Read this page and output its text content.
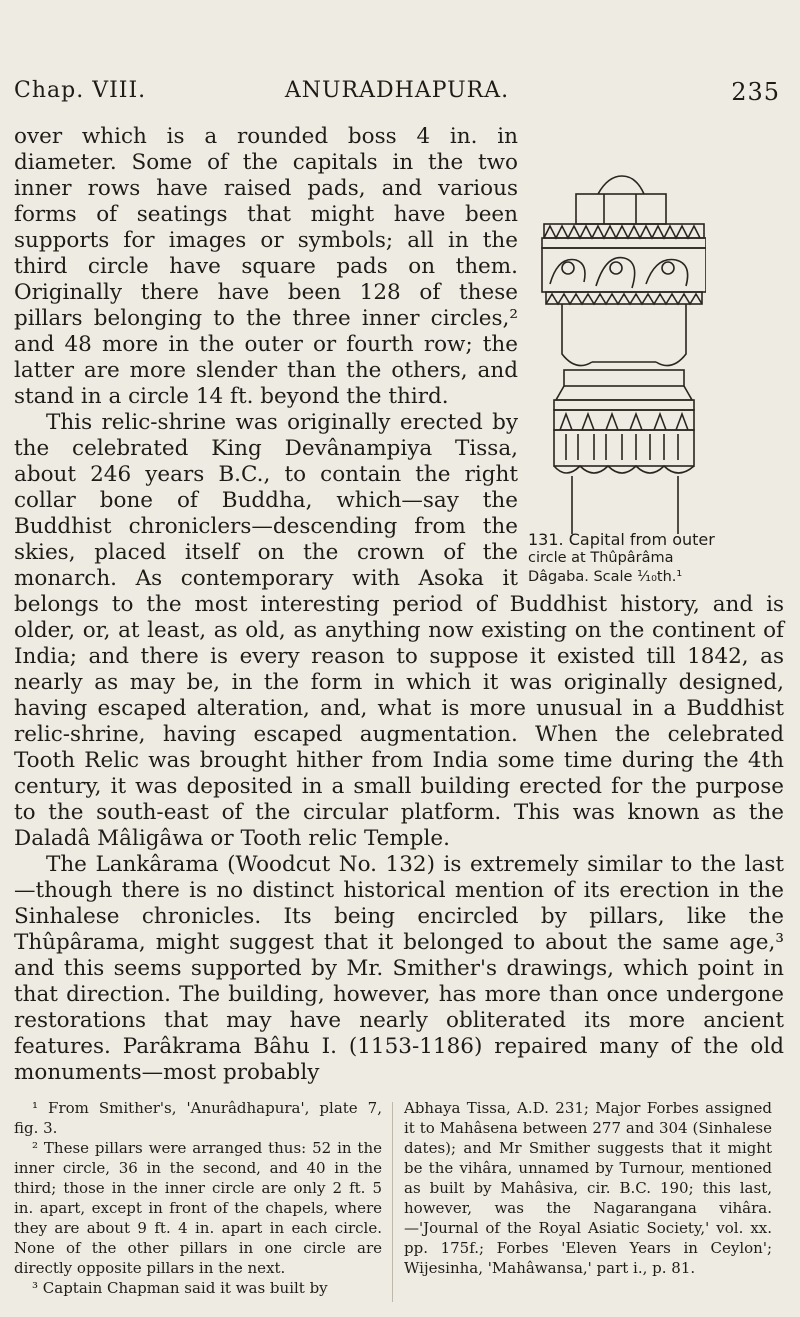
Chap. VIII.	ANURADHAPURA.	235
131. Capital from outer
circle at Thûpârâma
Dâgaba. Scale ¹⁄₁₀th.¹

over which is a rounded boss 4 in. in diameter. Some of the capitals in the two inner rows have raised pads, and various forms of seatings that might have been supports for images or symbols; all in the third circle have square pads on them. Originally there have been 128 of these pillars belonging to the three inner circles,² and 48 more in the outer or fourth row; the latter are more slender than the others, and stand in a circle 14 ft. beyond the third.

This relic-shrine was originally erected by the celebrated King Devânampiya Tissa, about 246 years B.C., to contain the right collar bone of Buddha, which—say the Buddhist chroniclers—descending from the skies, placed itself on the crown of the monarch. As contemporary with Asoka it belongs to the most interesting period of Buddhist history, and is older, or, at least, as old, as anything now existing on the continent of India; and there is every reason to suppose it existed till 1842, as nearly as may be, in the form in which it was originally designed, having escaped alteration, and, what is more unusual in a Buddhist relic-shrine, having escaped augmentation. When the celebrated Tooth Relic was brought hither from India some time during the 4th century, it was deposited in a small building erected for the purpose to the south-east of the circular platform. This was known as the Daladâ Mâligâwa or Tooth relic Temple.

The Lankârama (Woodcut No. 132) is extremely similar to the last—though there is no distinct historical mention of its erection in the Sinhalese chronicles. Its being encircled by pillars, like the Thûpârama, might suggest that it belonged to about the same age,³ and this seems supported by Mr. Smither's drawings, which point in that direction. The building, however, has more than once undergone restorations that may have nearly obliterated its more ancient features. Parâkrama Bâhu I. (1153-1186) repaired many of the old monuments—most probably

¹ From Smither's, 'Anurâdhapura', plate 7, fig. 3.

² These pillars were arranged thus: 52 in the inner circle, 36 in the second, and 40 in the third; those in the inner circle are only 2 ft. 5 in. apart, except in front of the chapels, where they are about 9 ft. 4 in. apart in each circle. None of the other pillars in one circle are directly opposite pillars in the next.

³ Captain Chapman said it was built by

Abhaya Tissa, A.D. 231; Major Forbes assigned it to Mahâsena between 277 and 304 (Sinhalese dates); and Mr Smither suggests that it might be the vihâra, unnamed by Turnour, mentioned as built by Mahâsiva, cir. B.C. 190; this last, however, was the Nagarangana vihâra. —'Journal of the Royal Asiatic Society,' vol. xx. pp. 175f.; Forbes 'Eleven Years in Ceylon'; Wijesinha, 'Mahâwansa,' part i., p. 81.
